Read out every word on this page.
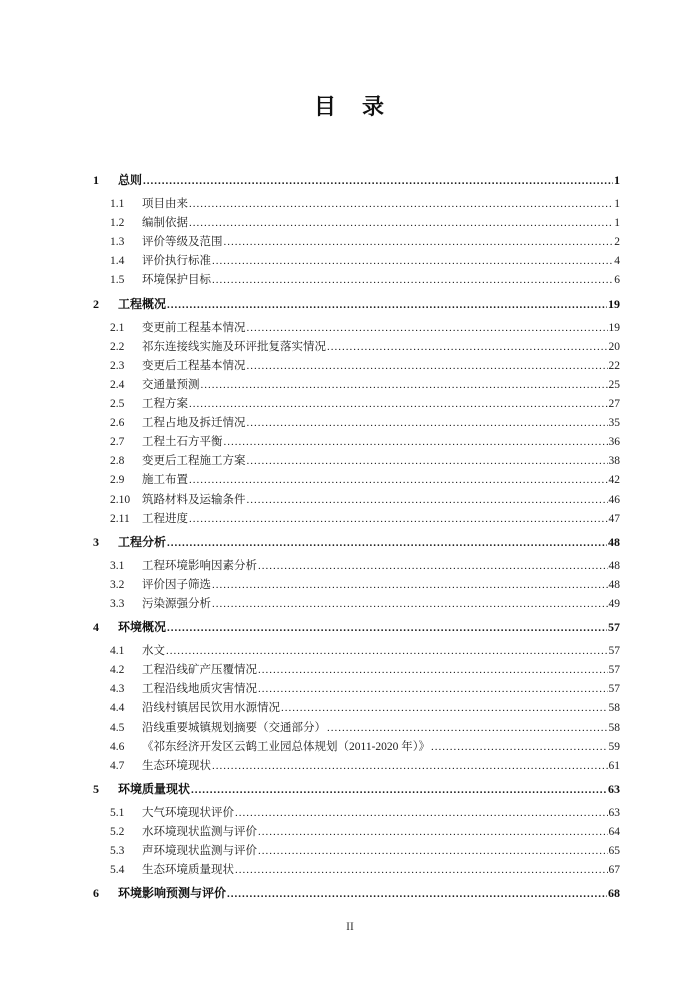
目　录
1	总则 .....	1
1.1	项目由来 .....	1
1.2	编制依据 .....	1
1.3	评价等级及范围 .....	2
1.4	评价执行标准 .....	4
1.5	环境保护目标 .....	6
2	工程概况 .....	19
2.1	变更前工程基本情况 .....	19
2.2	祁东连接线实施及环评批复落实情况 .....	20
2.3	变更后工程基本情况 .....	22
2.4	交通量预测 .....	25
2.5	工程方案 .....	27
2.6	工程占地及拆迁情况 .....	35
2.7	工程土石方平衡 .....	36
2.8	变更后工程施工方案 .....	38
2.9	施工布置 .....	42
2.10	筑路材料及运输条件 .....	46
2.11	工程进度 .....	47
3	工程分析 .....	48
3.1	工程环境影响因素分析 .....	48
3.2	评价因子筛选 .....	48
3.3	污染源强分析 .....	49
4	环境概况 .....	57
4.1	水文 .....	57
4.2	工程沿线矿产压覆情况 .....	57
4.3	工程沿线地质灾害情况 .....	57
4.4	沿线村镇居民饮用水源情况 .....	58
4.5	沿线重要城镇规划摘要（交通部分） .....	58
4.6	《祁东经济开发区云鹤工业园总体规划（2011-2020 年）》 .....	59
4.7	生态环境现状 .....	61
5	环境质量现状 .....	63
5.1	大气环境现状评价 .....	63
5.2	水环境现状监测与评价 .....	64
5.3	声环境现状监测与评价 .....	65
5.4	生态环境质量现状 .....	67
6	环境影响预测与评价 .....	68
II
